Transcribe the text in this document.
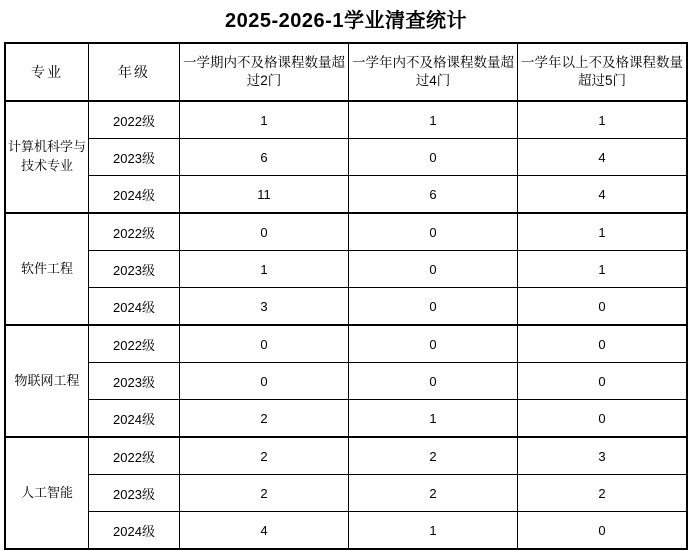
2025-2026-1学业清查统计
专业	年级	一学期内不及格课程数量超过2门	一学年内不及格课程数量超过4门	一学年以上不及格课程数量超过5门
计算机科学与技术专业	2022级	1	1	1
	2023级	6	0	4
	2024级	11	6	4
软件工程	2022级	0	0	1
	2023级	1	0	1
	2024级	3	0	0
物联网工程	2022级	0	0	0
	2023级	0	0	0
	2024级	2	1	0
人工智能	2022级	2	2	3
	2023级	2	2	2
	2024级	4	1	0
